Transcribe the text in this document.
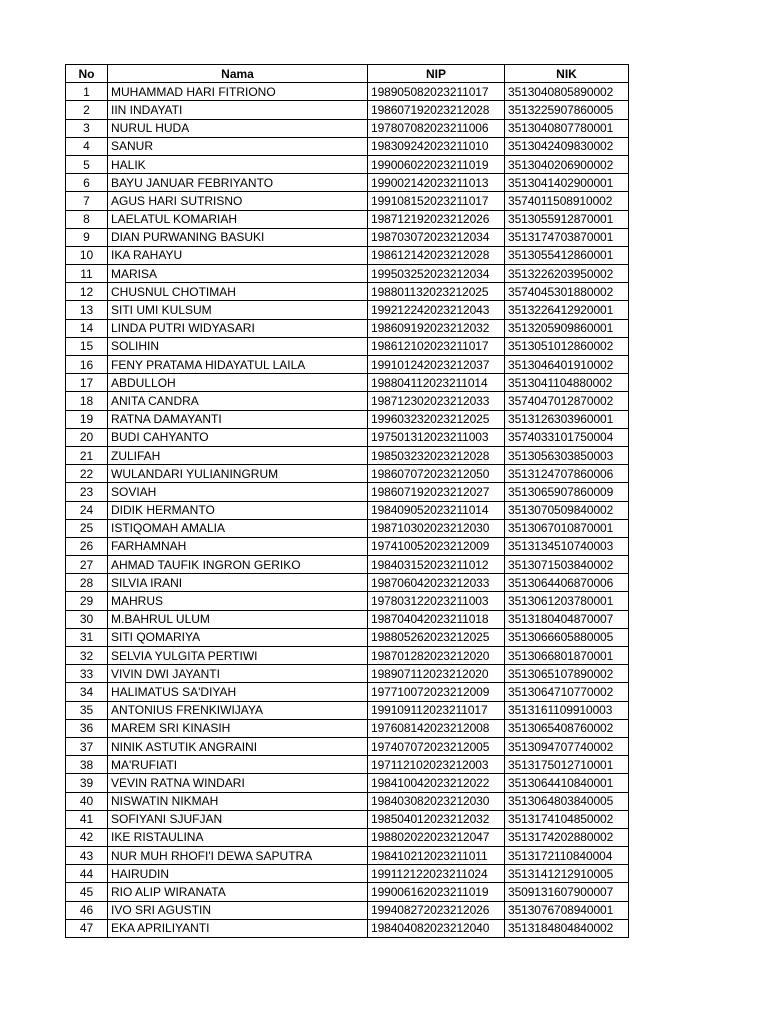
No	Nama	NIP	NIK
1	MUHAMMAD HARI FITRIONO	198905082023211017	3513040805890002
2	IIN INDAYATI	198607192023212028	3513225907860005
3	NURUL HUDA	197807082023211006	3513040807780001
4	SANUR	198309242023211010	3513042409830002
5	HALIK	199006022023211019	3513040206900002
6	BAYU JANUAR FEBRIYANTO	199002142023211013	3513041402900001
7	AGUS HARI SUTRISNO	199108152023211017	3574011508910002
8	LAELATUL KOMARIAH	198712192023212026	3513055912870001
9	DIAN PURWANING BASUKI	198703072023212034	3513174703870001
10	IKA RAHAYU	198612142023212028	3513055412860001
11	MARISA	199503252023212034	3513226203950002
12	CHUSNUL CHOTIMAH	198801132023212025	3574045301880002
13	SITI UMI KULSUM	199212242023212043	3513226412920001
14	LINDA PUTRI WIDYASARI	198609192023212032	3513205909860001
15	SOLIHIN	198612102023211017	3513051012860002
16	FENY PRATAMA HIDAYATUL LAILA	199101242023212037	3513046401910002
17	ABDULLOH	198804112023211014	3513041104880002
18	ANITA CANDRA	198712302023212033	3574047012870002
19	RATNA DAMAYANTI	199603232023212025	3513126303960001
20	BUDI CAHYANTO	197501312023211003	3574033101750004
21	ZULIFAH	198503232023212028	3513056303850003
22	WULANDARI YULIANINGRUM	198607072023212050	3513124707860006
23	SOVIAH	198607192023212027	3513065907860009
24	DIDIK HERMANTO	198409052023211014	3513070509840002
25	ISTIQOMAH AMALIA	198710302023212030	3513067010870001
26	FARHAMNAH	197410052023212009	3513134510740003
27	AHMAD TAUFIK INGRON GERIKO	198403152023211012	3513071503840002
28	SILVIA IRANI	198706042023212033	3513064406870006
29	MAHRUS	197803122023211003	3513061203780001
30	M.BAHRUL ULUM	198704042023211018	3513180404870007
31	SITI QOMARIYA	198805262023212025	3513066605880005
32	SELVIA YULGITA PERTIWI	198701282023212020	3513066801870001
33	VIVIN DWI JAYANTI	198907112023212020	3513065107890002
34	HALIMATUS SA'DIYAH	197710072023212009	3513064710770002
35	ANTONIUS FRENKIWIJAYA	199109112023211017	3513161109910003
36	MAREM SRI KINASIH	197608142023212008	3513065408760002
37	NINIK ASTUTIK ANGRAINI	197407072023212005	3513094707740002
38	MA'RUFIATI	197112102023212003	3513175012710001
39	VEVIN RATNA WINDARI	198410042023212022	3513064410840001
40	NISWATIN NIKMAH	198403082023212030	3513064803840005
41	SOFIYANI SJUFJAN	198504012023212032	3513174104850002
42	IKE RISTAULINA	198802022023212047	3513174202880002
43	NUR MUH RHOFI'I DEWA SAPUTRA	198410212023211011	3513172110840004
44	HAIRUDIN	199112122023211024	3513141212910005
45	RIO ALIP WIRANATA	199006162023211019	3509131607900007
46	IVO SRI AGUSTIN	199408272023212026	3513076708940001
47	EKA APRILIYANTI	198404082023212040	3513184804840002
